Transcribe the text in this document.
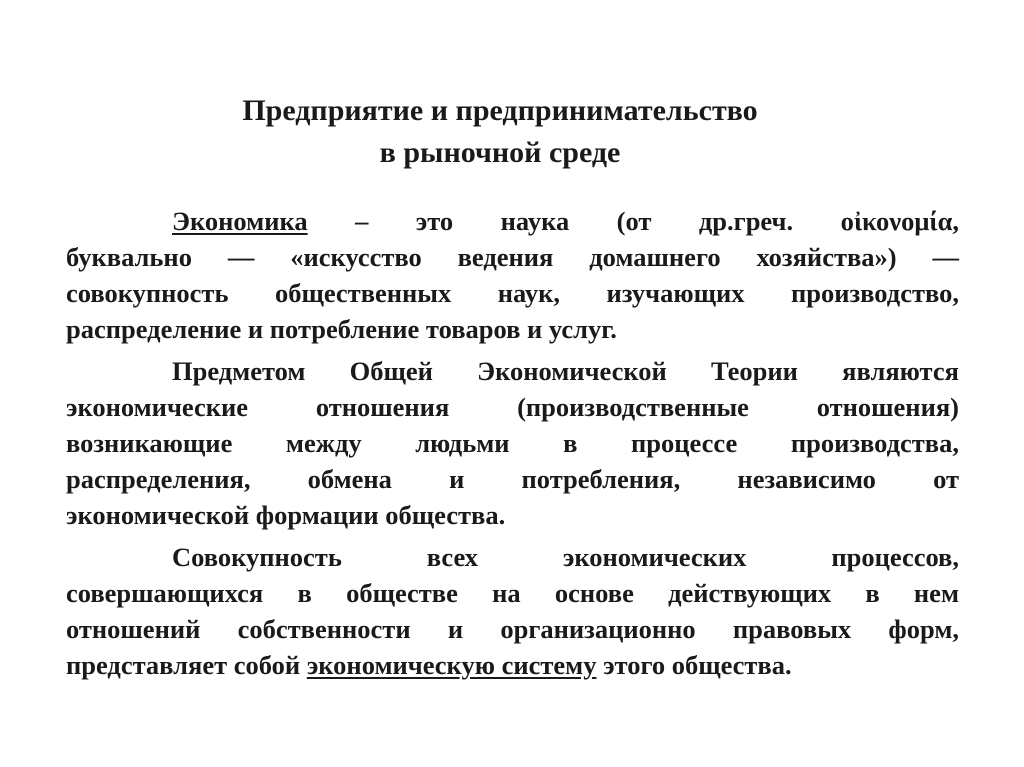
Предприятие и предпринимательство
в рыночной среде

Экономика – это наука (от др.греч. οἰκονομία,
буквально — «искусство ведения домашнего хозяйства») —
совокупность общественных наук, изучающих производство,
распределение и потребление товаров и услуг.

Предметом Общей Экономической Теории являются
экономические отношения (производственные отношения)
возникающие между людьми в процессе производства,
распределения, обмена и потребления, независимо от
экономической формации общества.

Совокупность всех экономических процессов,
совершающихся в обществе на основе действующих в нем
отношений собственности и организационно правовых форм,
представляет собой экономическую систему этого общества.
